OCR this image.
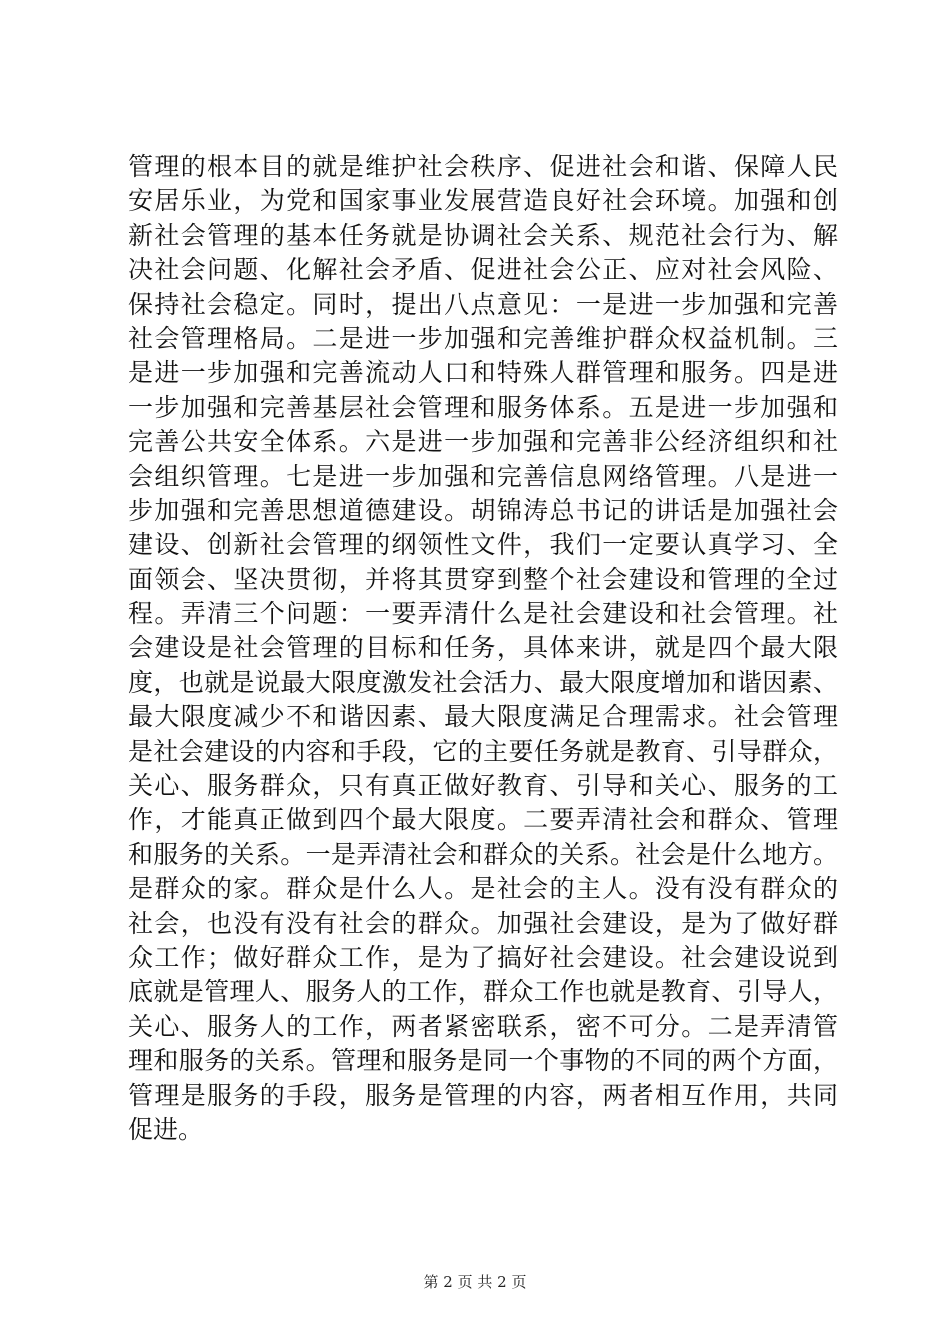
管理的根本目的就是维护社会秩序、促进社会和谐、保障人民
安居乐业，为党和国家事业发展营造良好社会环境。加强和创
新社会管理的基本任务就是协调社会关系、规范社会行为、解
决社会问题、化解社会矛盾、促进社会公正、应对社会风险、
保持社会稳定。同时，提出八点意见：一是进一步加强和完善
社会管理格局。二是进一步加强和完善维护群众权益机制。三
是进一步加强和完善流动人口和特殊人群管理和服务。四是进
一步加强和完善基层社会管理和服务体系。五是进一步加强和
完善公共安全体系。六是进一步加强和完善非公经济组织和社
会组织管理。七是进一步加强和完善信息网络管理。八是进一
步加强和完善思想道德建设。胡锦涛总书记的讲话是加强社会
建设、创新社会管理的纲领性文件，我们一定要认真学习、全
面领会、坚决贯彻，并将其贯穿到整个社会建设和管理的全过
程。弄清三个问题：一要弄清什么是社会建设和社会管理。社
会建设是社会管理的目标和任务，具体来讲，就是四个最大限
度，也就是说最大限度激发社会活力、最大限度增加和谐因素、
最大限度减少不和谐因素、最大限度满足合理需求。社会管理
是社会建设的内容和手段，它的主要任务就是教育、引导群众，
关心、服务群众，只有真正做好教育、引导和关心、服务的工
作，才能真正做到四个最大限度。二要弄清社会和群众、管理
和服务的关系。一是弄清社会和群众的关系。社会是什么地方。
是群众的家。群众是什么人。是社会的主人。没有没有群众的
社会，也没有没有社会的群众。加强社会建设，是为了做好群
众工作；做好群众工作，是为了搞好社会建设。社会建设说到
底就是管理人、服务人的工作，群众工作也就是教育、引导人，
关心、服务人的工作，两者紧密联系，密不可分。二是弄清管
理和服务的关系。管理和服务是同一个事物的不同的两个方面，
管理是服务的手段，服务是管理的内容，两者相互作用，共同
促进。
第 2 页 共 2 页
